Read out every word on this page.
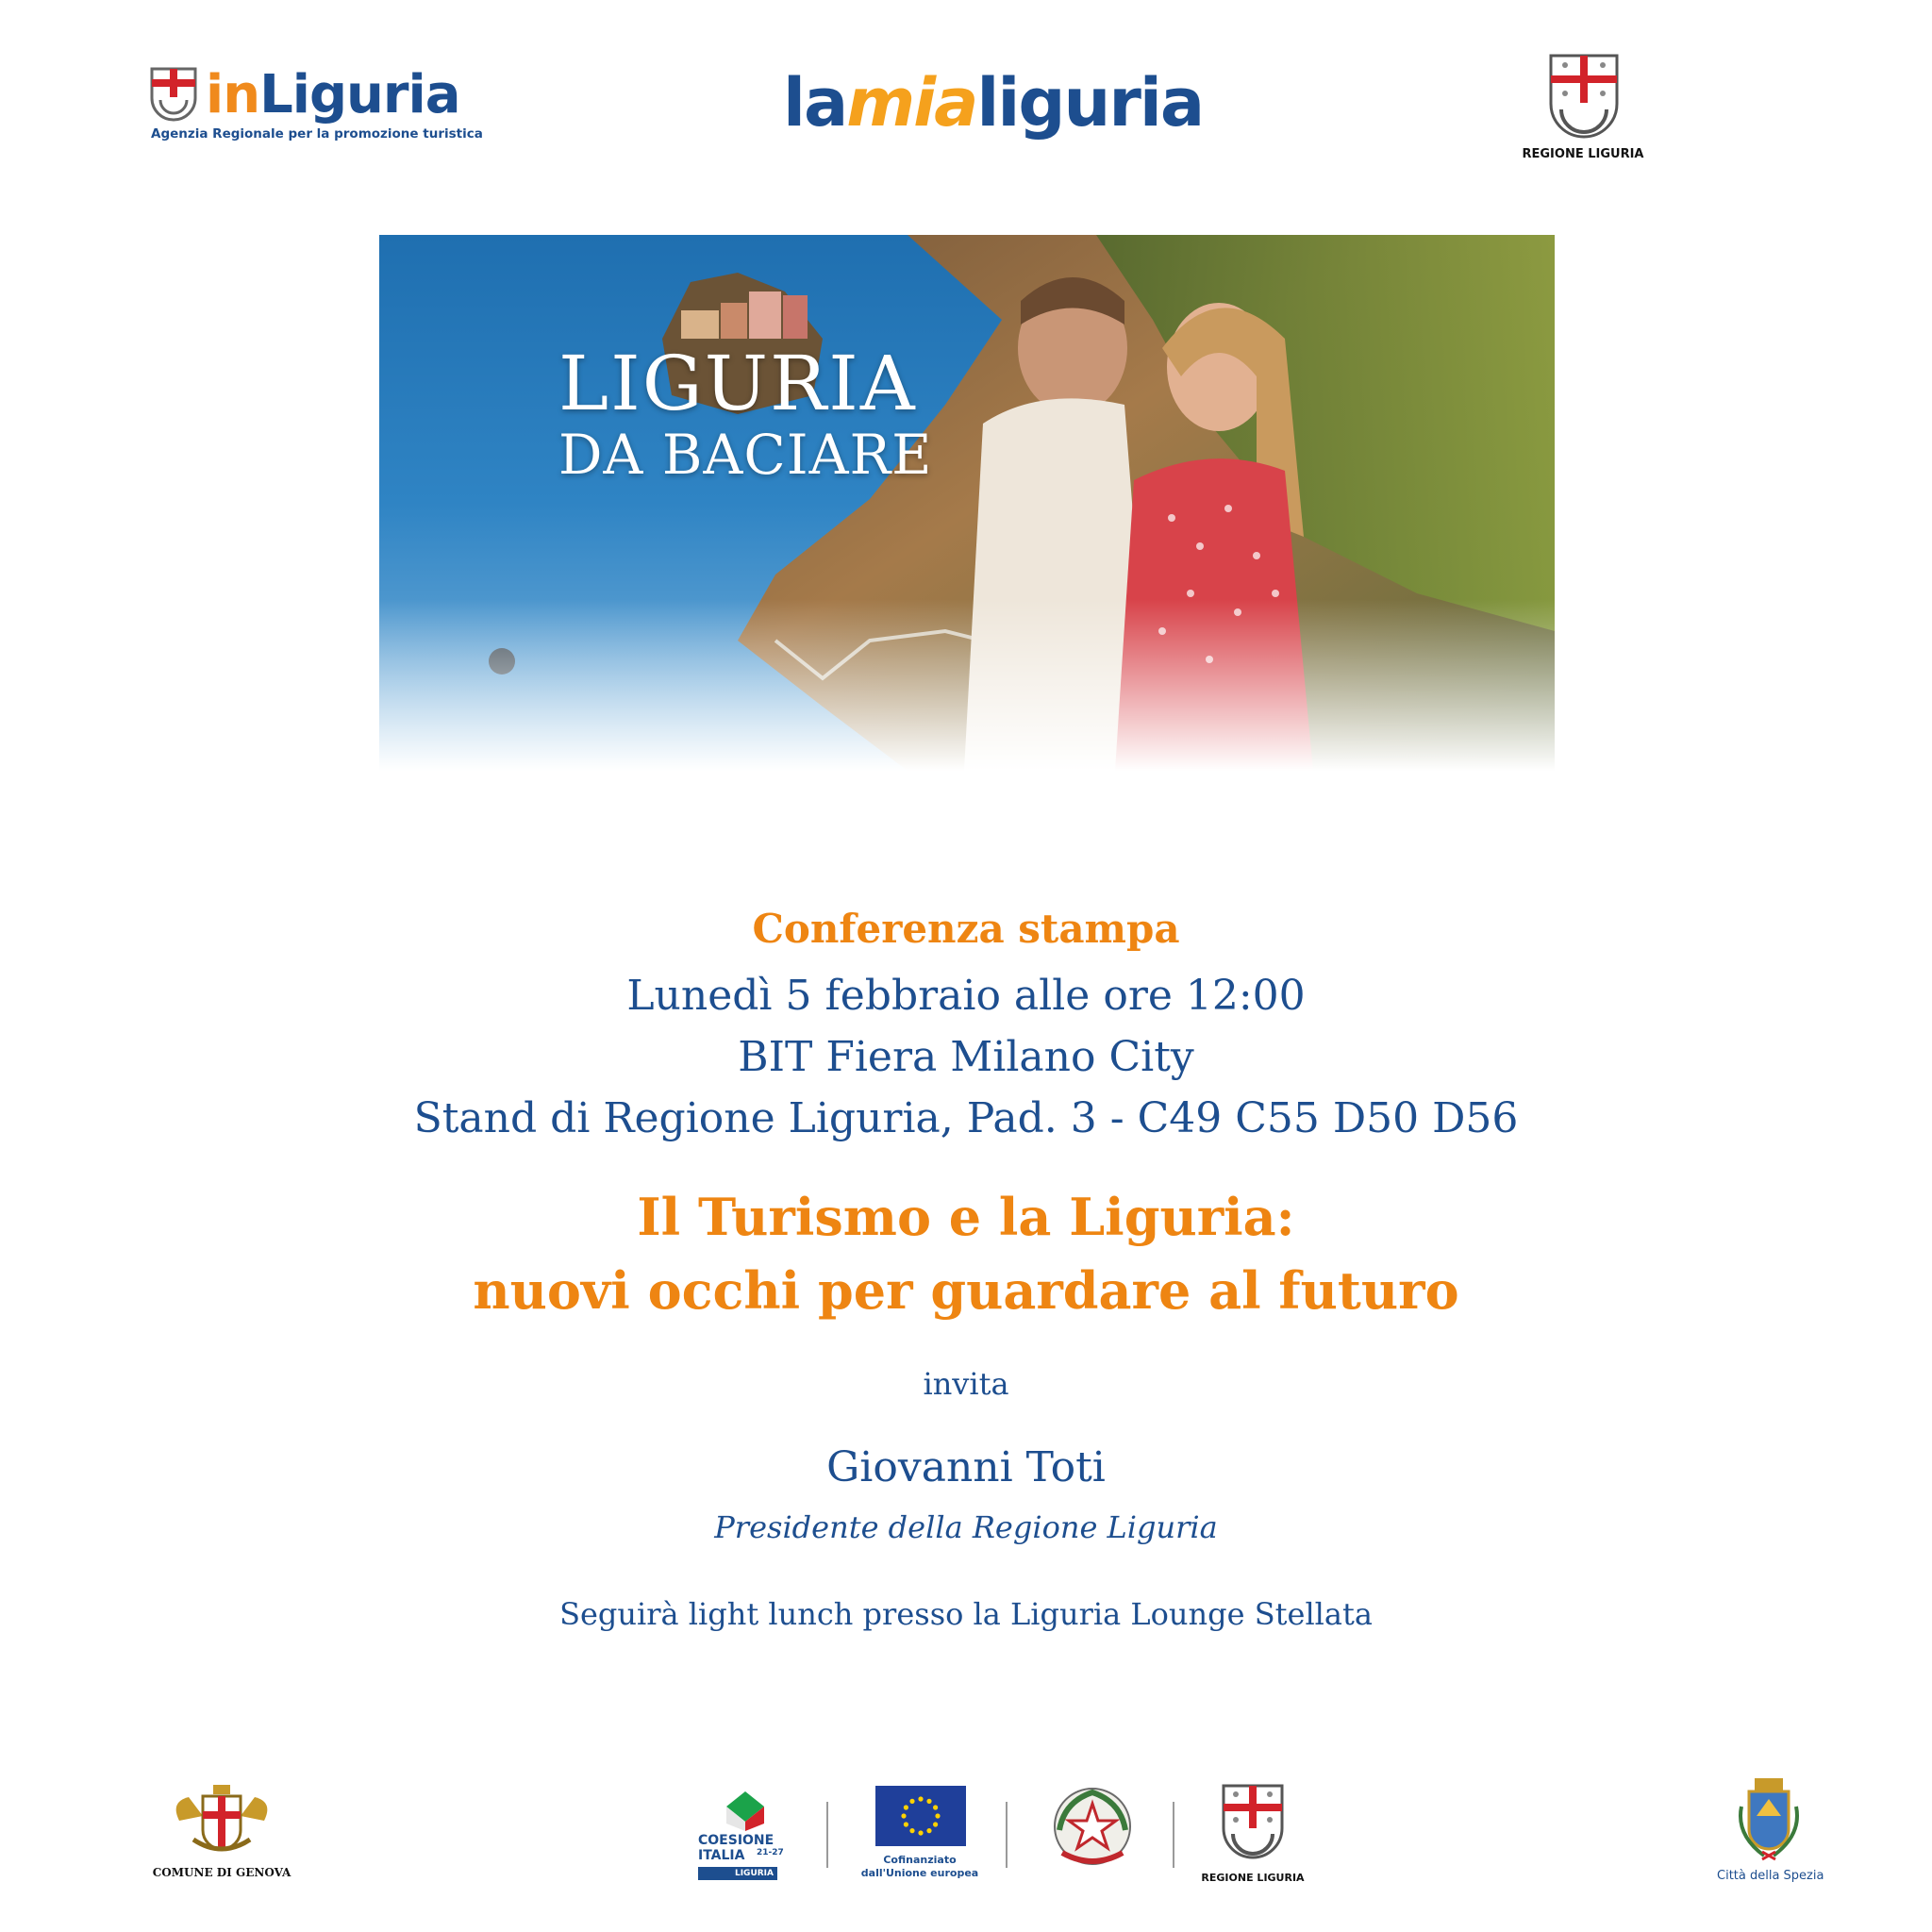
inLiguria
Agenzia Regionale per la promozione turistica	lamialiguria
REGIONE LIGURIA
LIGURIA
DA BACIARE
Conferenza stampa
Lunedì 5 febbraio alle ore 12:00
BIT Fiera Milano City
Stand di Regione Liguria, Pad. 3 - C49 C55 D50 D56
Il Turismo e la Liguria:
nuovi occhi per guardare al futuro
invita
Giovanni Toti
Presidente della Regione Liguria
Seguirà light lunch presso la Liguria Lounge Stellata
COMUNE DI GENOVA
COESIONE
ITALIA	21-27
LIGURIA
Cofinanziato
dall'Unione europea	REGIONE LIGURIA	Città della Spezia
